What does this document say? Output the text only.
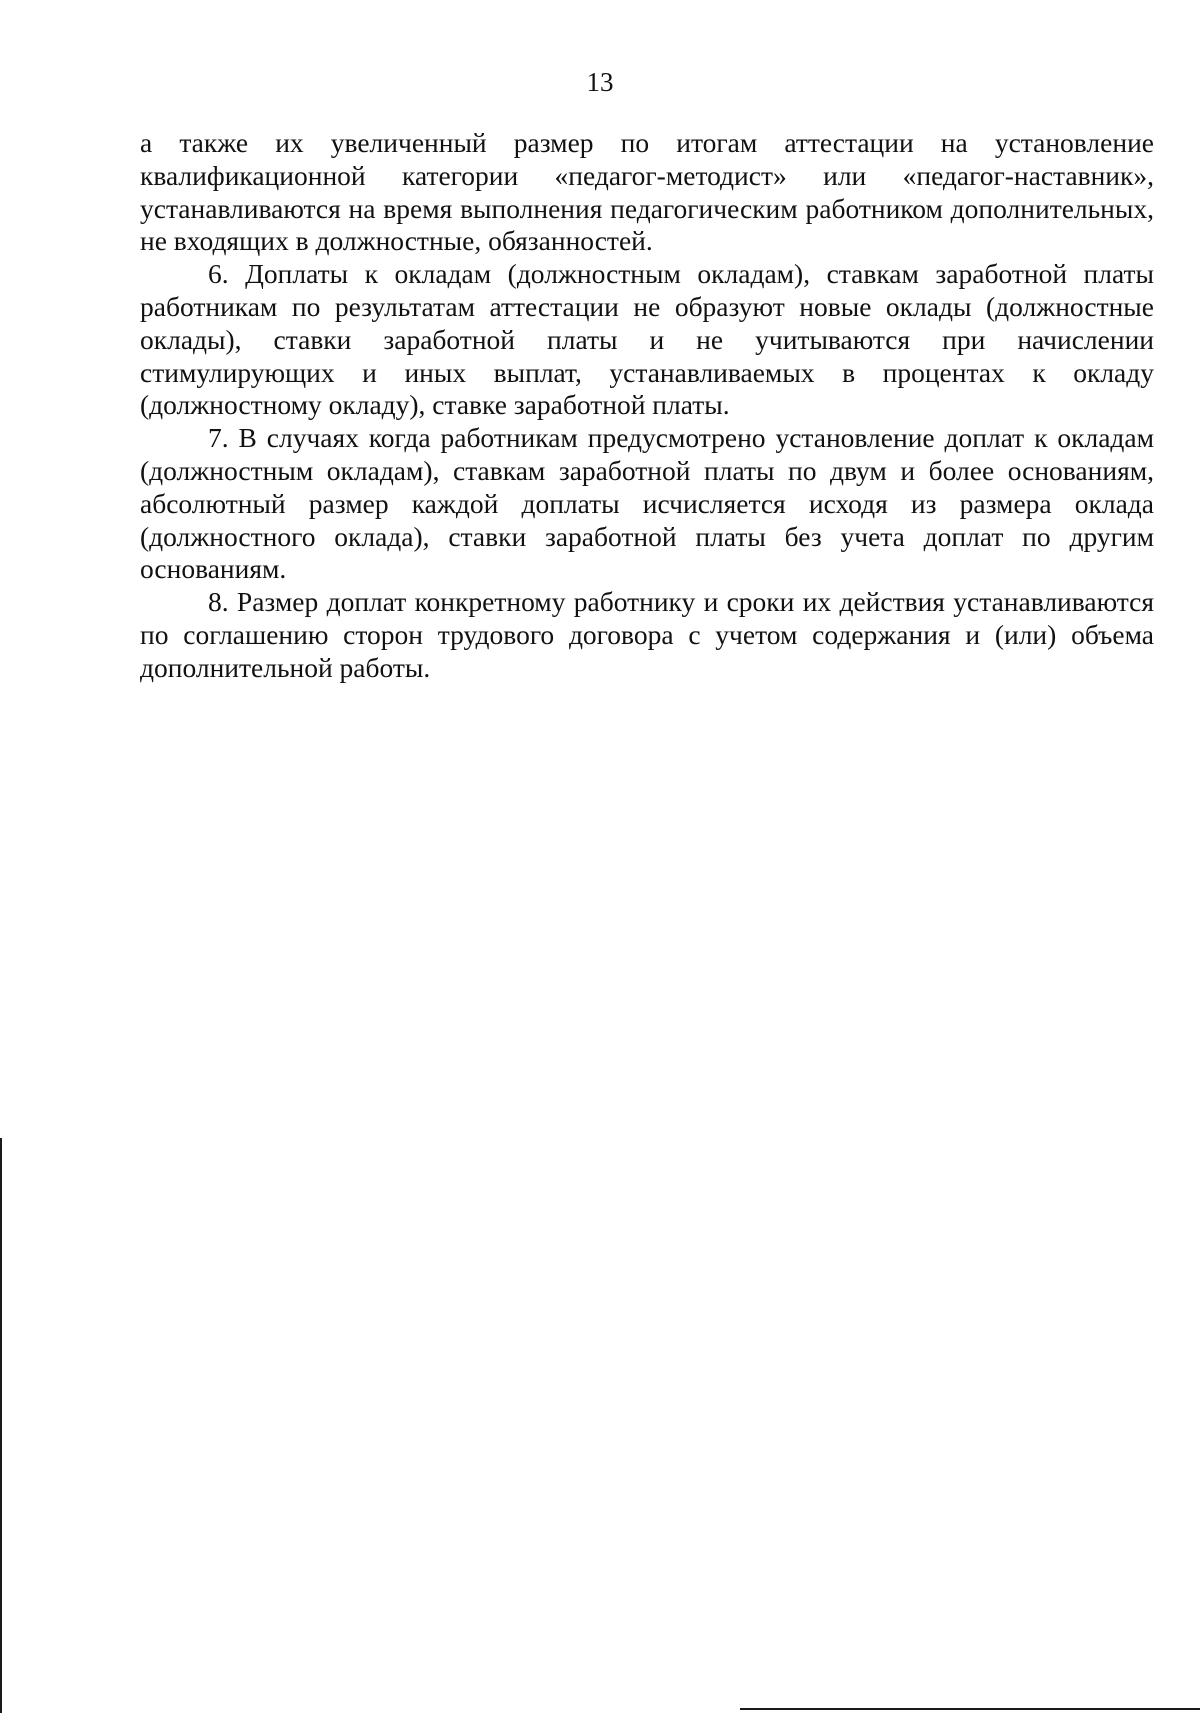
13

а также их увеличенный размер по итогам аттестации на установление квалификационной категории «педагог-методист» или «педагог-наставник», устанавливаются на время выполнения педагогическим работником дополнительных, не входящих в должностные, обязанностей.

6. Доплаты к окладам (должностным окладам), ставкам заработной платы работникам по результатам аттестации не образуют новые оклады (должностные оклады), ставки заработной платы и не учитываются при начислении стимулирующих и иных выплат, устанавливаемых в процентах к окладу (должностному окладу), ставке заработной платы.

7. В случаях когда работникам предусмотрено установление доплат к окладам (должностным окладам), ставкам заработной платы по двум и более основаниям, абсолютный размер каждой доплаты исчисляется исходя из размера оклада (должностного оклада), ставки заработной платы без учета доплат по другим основаниям.

8. Размер доплат конкретному работнику и сроки их действия устанавливаются по соглашению сторон трудового договора с учетом содержания и (или) объема дополнительной работы.
